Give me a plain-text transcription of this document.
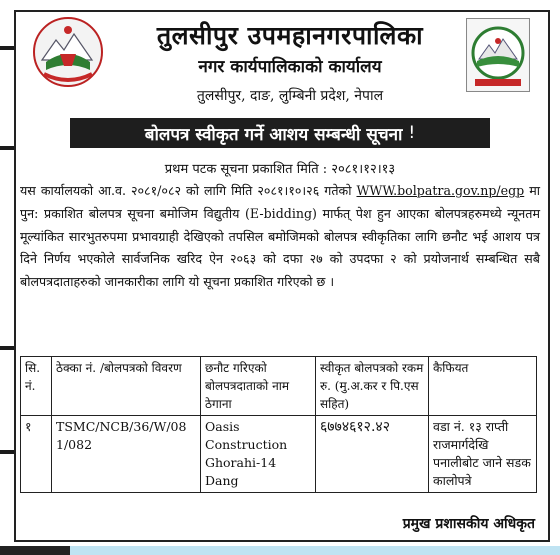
तुलसीपुर उपमहानगरपालिका
नगर कार्यपालिकाको कार्यालय
तुलसीपुर, दाङ, लुम्बिनी प्रदेश, नेपाल
बोलपत्र स्वीकृत गर्ने आशय सम्बन्धी सूचना
!
प्रथम पटक सूचना प्रकाशित मिति : २०८१।१२।१३
यस कार्यालयको आ.व. २०८१/०८२ को लागि मिति २०८१।१०।२६ गतेको WWW.bolpatra.gov.np/egp मा पुन: प्रकाशित बोलपत्र सूचना बमोजिम विद्युतीय (E-bidding) मार्फत् पेश हुन आएका बोलपत्रहरुमध्ये न्यूनतम मूल्यांकित सारभुतरुपमा प्रभावग्राही देखिएको तपसिल बमोजिमको बोलपत्र स्वीकृतिका लागि छनौट भई आशय पत्र दिने निर्णय भएकोले सार्वजनिक खरिद ऐन २०६३ को दफा २७ को उपदफा २ को प्रयोजनार्थ सम्बन्धित सबै बोलपत्रदाताहरुको जानकारीका लागि यो सूचना प्रकाशित गरिएको छ ।
सि. नं.	ठेक्का नं. /बोलपत्रको विवरण	छनौट गरिएको बोलपत्रदाताको नाम ठेगाना	स्वीकृत बोलपत्रको रकम रु. (मु.अ.कर र पि.एस सहित)	कैफियत
१	TSMC/NCB/36/W/081/082	Oasis Construction Ghorahi-14 Dang	६७७४६१२.४२	वडा नं. १३ राप्ती राजमार्गदेखि पनालीबोट जाने सडक कालोपत्रे
प्रमुख प्रशासकीय अधिकृत
